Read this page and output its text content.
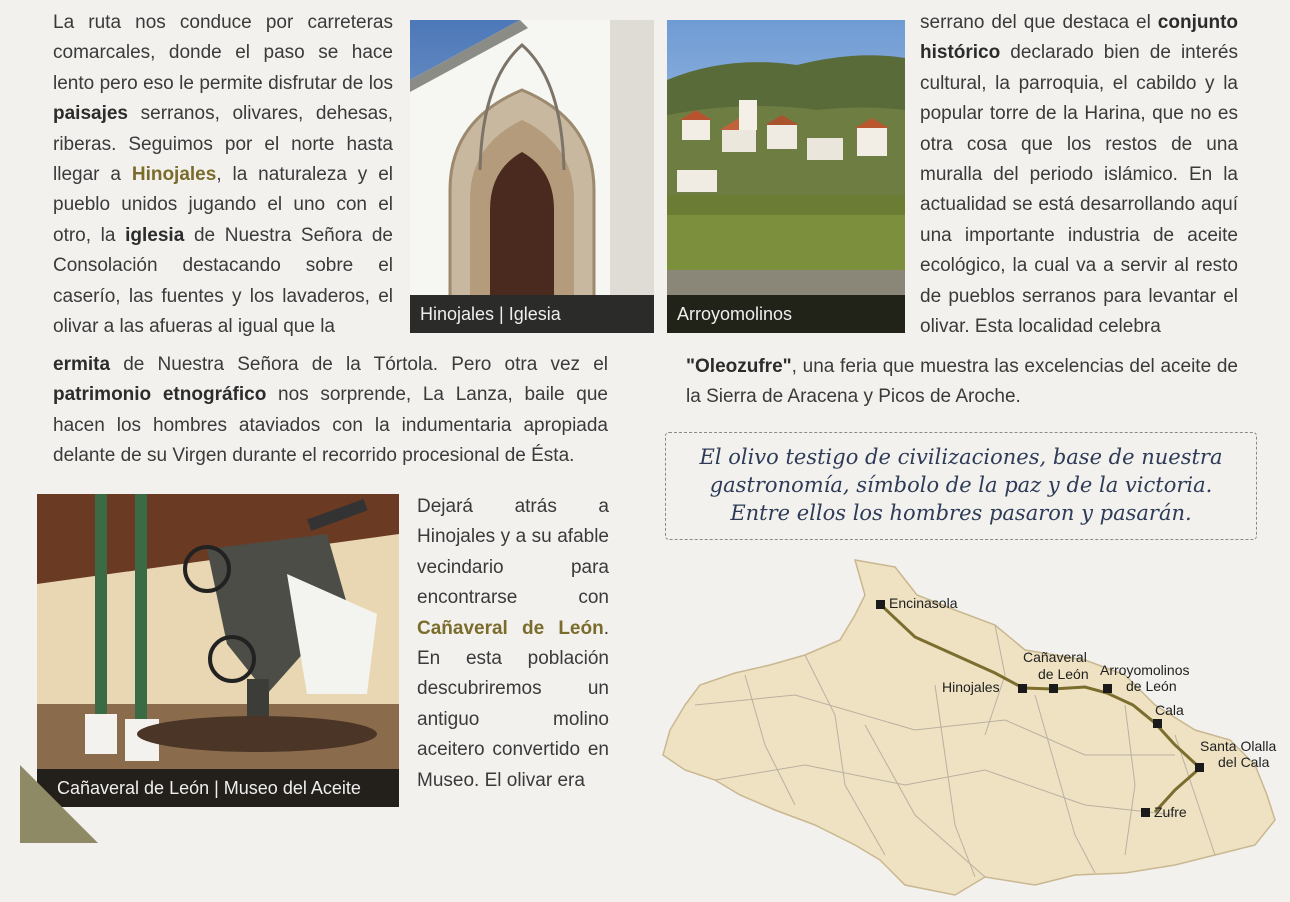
La ruta nos conduce por carreteras comarcales, donde el paso se hace lento pero eso le permite disfrutar de los paisajes serranos, olivares, dehesas, riberas. Seguimos por el norte hasta llegar a Hinojales, la naturaleza y el pueblo unidos jugando el uno con el otro, la iglesia de Nuestra Señora de Consolación destacando sobre el caserío, las fuentes y los lavaderos, el olivar a las afueras al igual que la

ermita de Nuestra Señora de la Tórtola. Pero otra vez el patrimonio etnográfico nos sorprende, La Lanza, baile que hacen los hombres ataviados con la indumentaria apropiada delante de su Virgen durante el recorrido procesional de Ésta.

Dejará atrás a Hinojales y a su afable vecindario para encontrarse con Cañaveral de León. En esta población descubriremos un antiguo molino aceitero convertido en Museo. El olivar era

serrano del que destaca el conjunto histórico declarado bien de interés cultural, la parroquia, el cabildo y la popular torre de la Harina, que no es otra cosa que los restos de una muralla del periodo islámico. En la actualidad se está desarrollando aquí una importante industria de aceite ecológico, la cual va a servir al resto de pueblos serranos para levantar el olivar. Esta localidad celebra

"Oleozufre", una feria que muestra las excelencias del aceite de la Sierra de Aracena y Picos de Aroche.

Hinojales | Iglesia	Arroyomolinos
Cañaveral de León | Museo del Aceite
El olivo testigo de civilizaciones, base de nuestra
gastronomía, símbolo de la paz y de la victoria.
Entre ellos los hombres pasaron y pasarán.
Encinasola
Hinojales
Cañaveral
de León Arroyomolinos
de León
Cala
Santa Olalla
del Cala
Zufre
